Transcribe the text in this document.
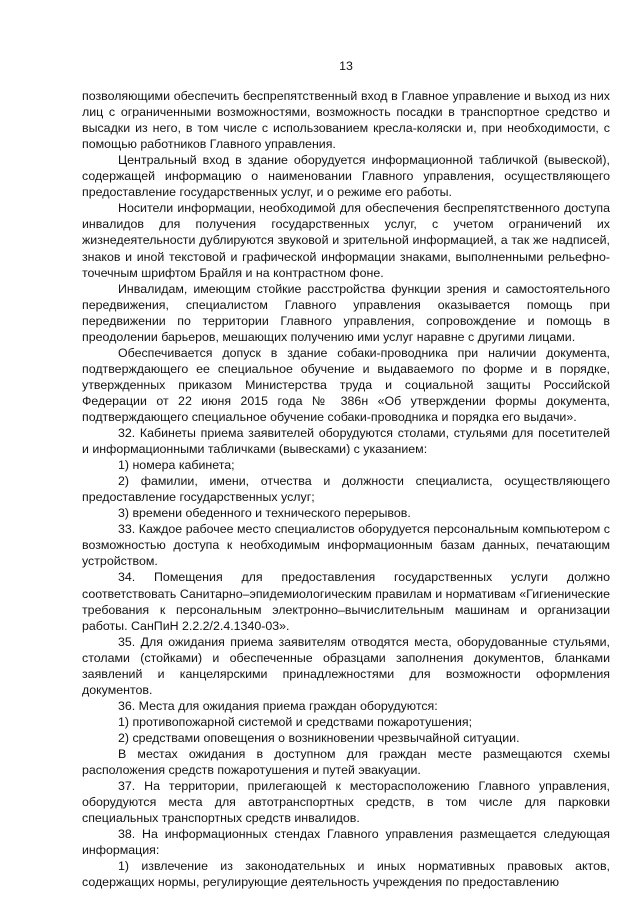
13

позволяющими обеспечить беспрепятственный вход в Главное управление и выход из них лиц с ограниченными возможностями, возможность посадки в транспортное средство и высадки из него, в том числе с использованием кресла-коляски и, при необходимости, с помощью работников Главного управления.

Центральный вход в здание оборудуется информационной табличкой (вывеской), содержащей информацию о наименовании Главного управления, осуществляющего предоставление государственных услуг, и о режиме его работы.

Носители информации, необходимой для обеспечения беспрепятственного доступа инвалидов для получения государственных услуг, с учетом ограничений их жизнедеятельности дублируются звуковой и зрительной информацией, а так же надписей, знаков и иной текстовой и графической информации знаками, выполненными рельефно-точечным шрифтом Брайля и на контрастном фоне.

Инвалидам, имеющим стойкие расстройства функции зрения и самостоятельного передвижения, специалистом Главного управления оказывается помощь при передвижении по территории Главного управления, сопровождение и помощь в преодолении барьеров, мешающих получению ими услуг наравне с другими лицами.

Обеспечивается допуск в здание собаки-проводника при наличии документа, подтверждающего ее специальное обучение и выдаваемого по форме и в порядке, утвержденных приказом Министерства труда и социальной защиты Российской Федерации от 22 июня 2015 года № 386н «Об утверждении формы документа, подтверждающего специальное обучение собаки-проводника и порядка его выдачи».

32. Кабинеты приема заявителей оборудуются столами, стульями для посетителей и информационными табличками (вывесками) с указанием:

1) номера кабинета;

2) фамилии, имени, отчества и должности специалиста, осуществляющего предоставление государственных услуг;

3) времени обеденного и технического перерывов.

33. Каждое рабочее место специалистов оборудуется персональным компьютером с возможностью доступа к необходимым информационным базам данных, печатающим устройством.

34. Помещения для предоставления государственных услуги должно соответствовать Санитарно–эпидемиологическим правилам и нормативам «Гигиенические требования к персональным электронно–вычислительным машинам и организации работы. СанПиН 2.2.2/2.4.1340-03».

35. Для ожидания приема заявителям отводятся места, оборудованные стульями, столами (стойками) и обеспеченные образцами заполнения документов, бланками заявлений и канцелярскими принадлежностями для возможности оформления документов.

36. Места для ожидания приема граждан оборудуются:

1) противопожарной системой и средствами пожаротушения;

2) средствами оповещения о возникновении чрезвычайной ситуации.

В местах ожидания в доступном для граждан месте размещаются схемы расположения средств пожаротушения и путей эвакуации.

37. На территории, прилегающей к месторасположению Главного управления, оборудуются места для автотранспортных средств, в том числе для парковки специальных транспортных средств инвалидов.

38. На информационных стендах Главного управления размещается следующая информация:

1) извлечение из законодательных и иных нормативных правовых актов, содержащих нормы, регулирующие деятельность учреждения по предоставлению
